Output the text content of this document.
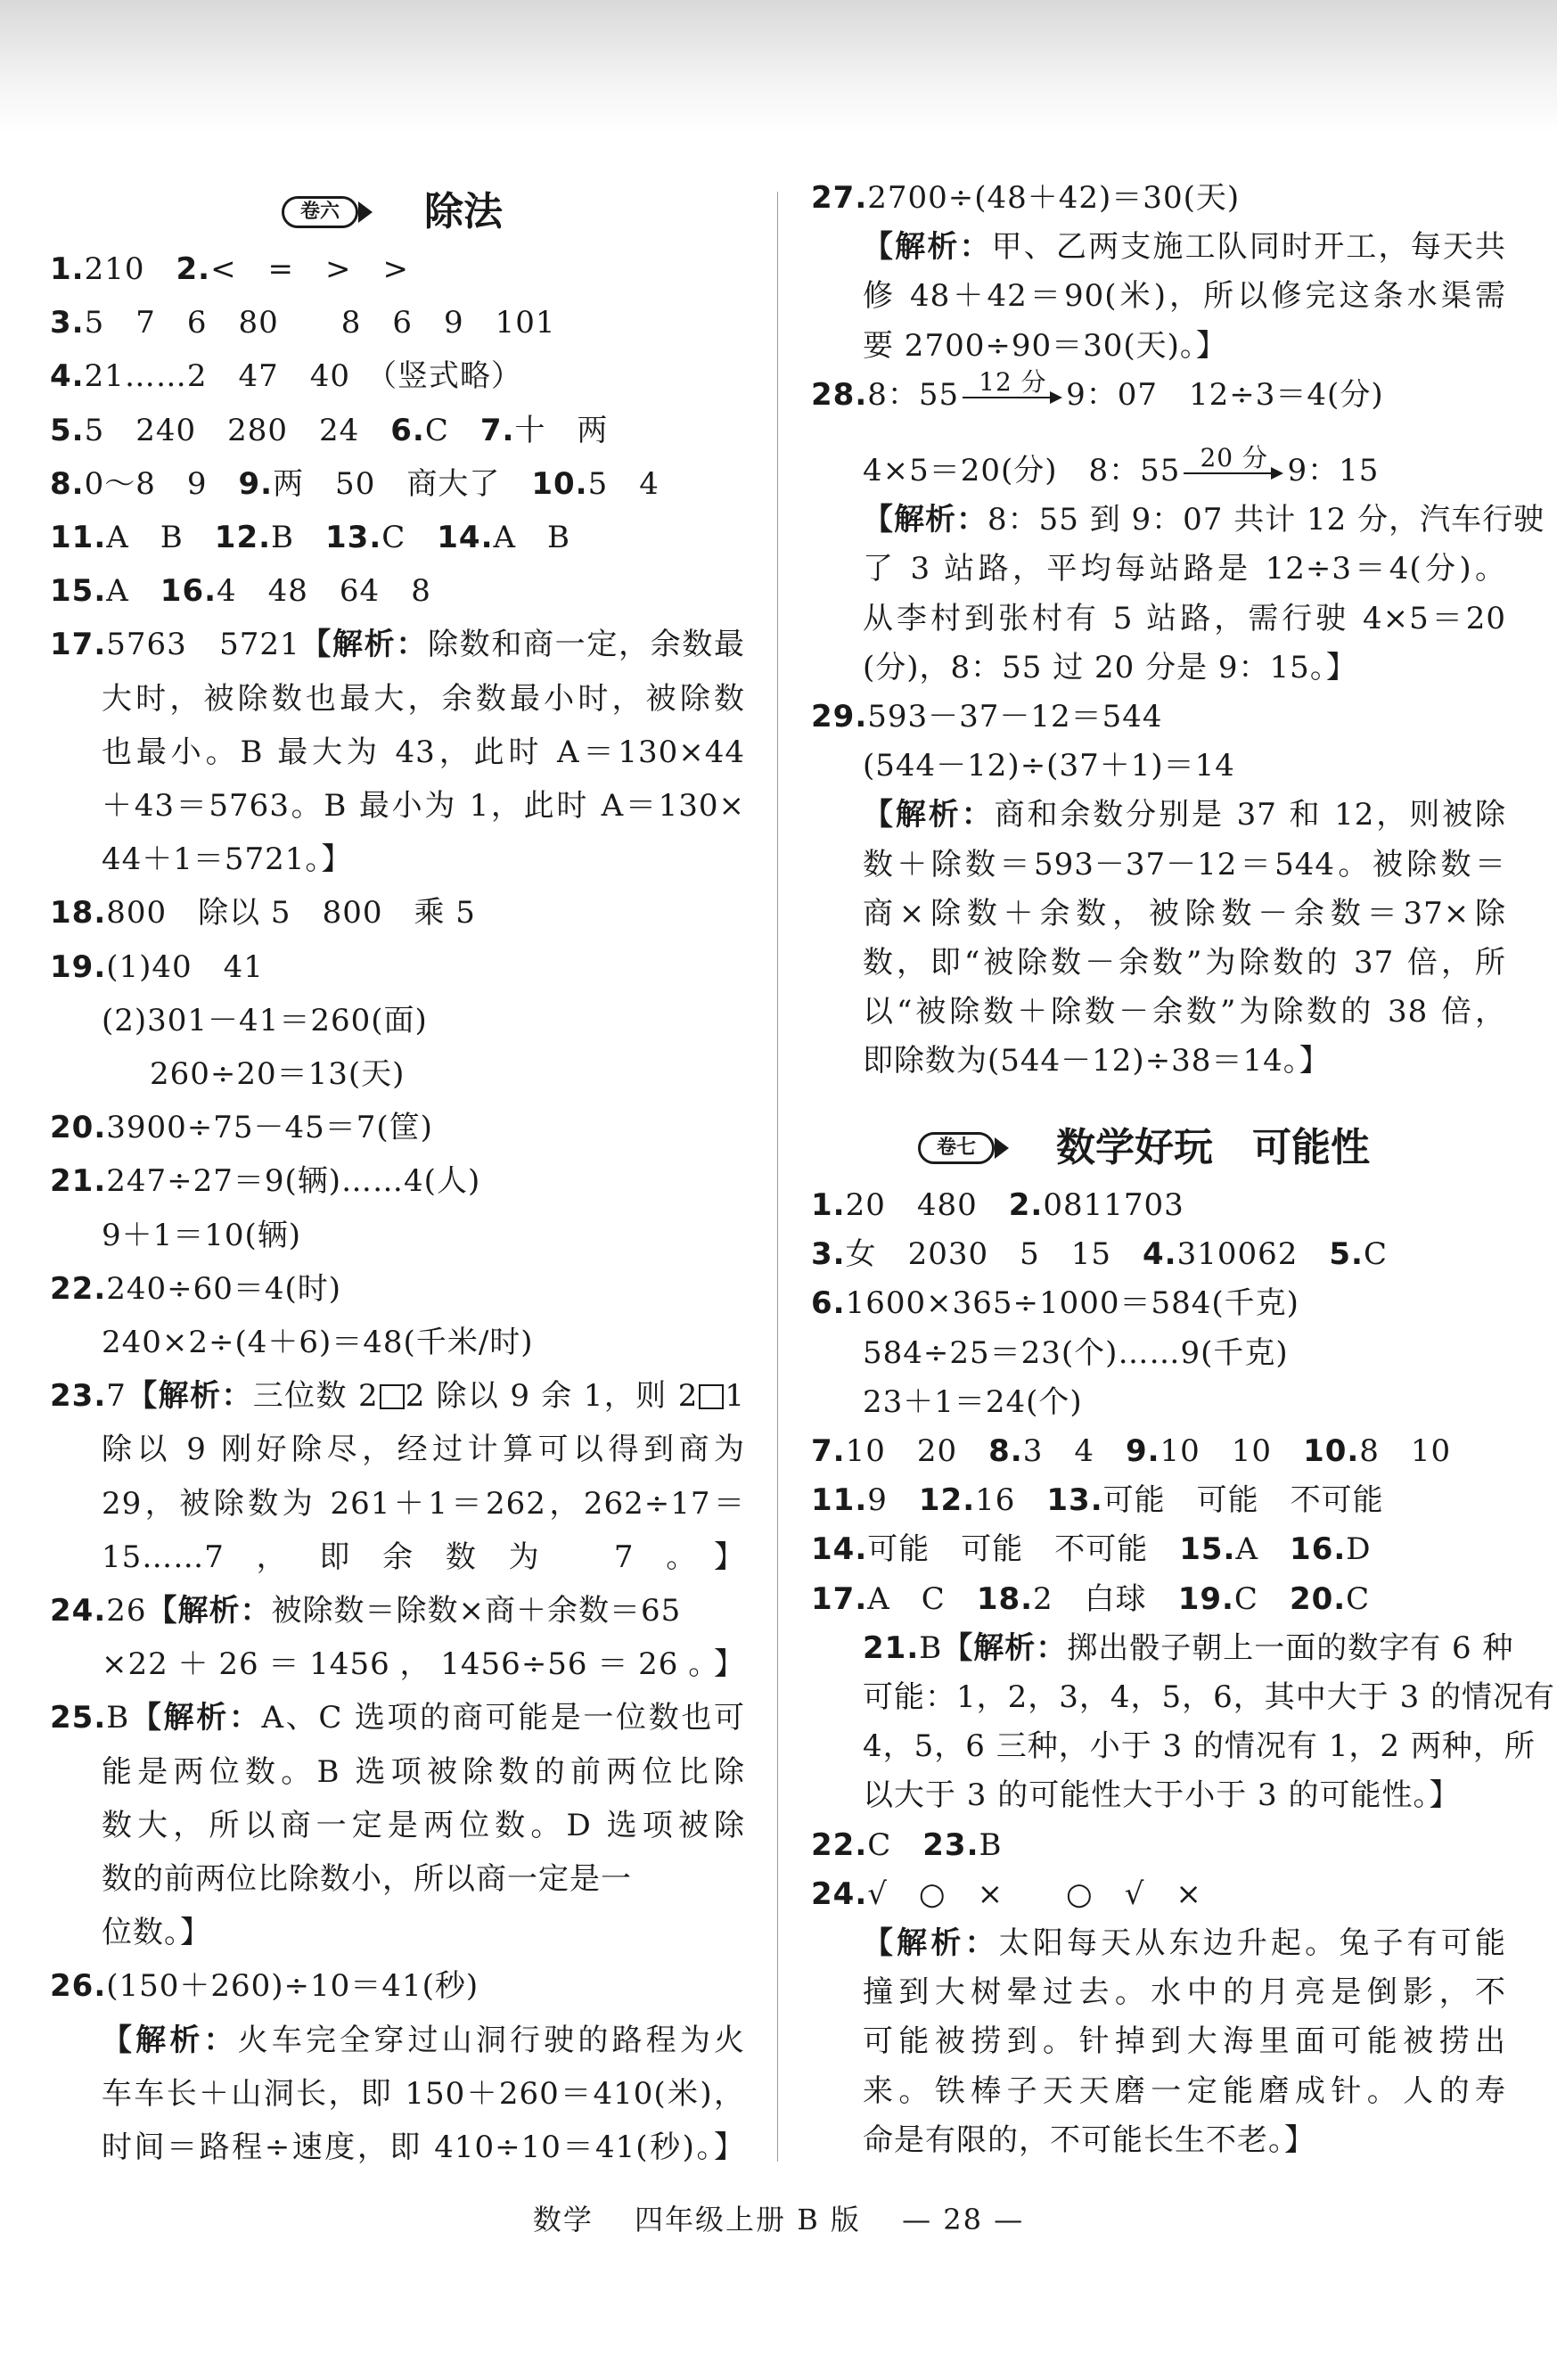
卷六	除法
1.210　2.<　=　>　>
3.5　7　6　80　　8　6　9　101
4.21……2　47　40　（竖式略）
5.5　240　280　24　6.C　7.十　两
8.0～8　9　9.两　50　商大了　10.5　4
11.A　B　12.B　13.C　14.A　B
15.A　16.4　48　64　8
17.5763　5721【解析：除数和商一定，余数最
大时，被除数也最大，余数最小时，被除数
也最小。B 最大为 43，此时 A＝130×44
＋43＝5763。B 最小为 1，此时 A＝130×
44＋1＝5721。】
18.800　除以 5　800　乘 5
19.(1)40　41
(2)301－41＝260(面)
260÷20＝13(天)
20.3900÷75－45＝7(筐)
21.247÷27＝9(辆)……4(人)
9＋1＝10(辆)
22.240÷60＝4(时)
240×2÷(4＋6)＝48(千米/时)
23.7【解析：三位数 2 2 除以 9 余 1，则 2 1
除以 9 刚好除尽，经过计算可以得到商为
29，被除数为 261＋1＝262，262÷17＝
15……7，即余数为 7。】
24.26【解析：被除数＝除数×商＋余数＝65
×22＋26＝1456，1456÷56＝26。】
25.B【解析：A、C 选项的商可能是一位数也可
能是两位数。B 选项被除数的前两位比除
数大，所以商一定是两位数。D 选项被除
数的前两位比除数小，所以商一定是一
位数。】
26.(150＋260)÷10＝41(秒)
【解析：火车完全穿过山洞行驶的路程为火
车车长＋山洞长，即 150＋260＝410(米)，
时间＝路程÷速度，即 410÷10＝41(秒)。】
27.2700÷(48＋42)＝30(天)
【解析：甲、乙两支施工队同时开工，每天共
修 48＋42＝90(米)，所以修完这条水渠需
要 2700÷90＝30(天)。】
28.8：55 12 分 9：07　12÷3＝4(分)
4×5＝20(分)　8：55 20 分 9：15
【解析：8：55 到 9：07 共计 12 分，汽车行驶
了 3 站路，平均每站路是 12÷3＝4(分)。
从李村到张村有 5 站路，需行驶 4×5＝20
(分)，8：55 过 20 分是 9：15。】
29.593－37－12＝544
(544－12)÷(37＋1)＝14
【解析：商和余数分别是 37 和 12，则被除
数＋除数＝593－37－12＝544。被除数＝
商×除数＋余数，被除数－余数＝37×除
数，即“被除数－余数”为除数的 37 倍，所
以“被除数＋除数－余数”为除数的 38 倍，
即除数为(544－12)÷38＝14。】
1.20　480　2.0811703
3.女　2030　5　15　4.310062　5.C
6.1600×365÷1000＝584(千克)
584÷25＝23(个)……9(千克)
23＋1＝24(个)
7.10　20　8.3　4　9.10　10　10.8　10
11.9　12.16　13.可能　可能　不可能
14.可能　可能　不可能　15.A　16.D
17.A　C　18.2　白球　19.C　20.C
21.B【解析：掷出骰子朝上一面的数字有 6 种
可能：1，2，3，4，5，6，其中大于 3 的情况有
4，5，6 三种，小于 3 的情况有 1，2 两种，所
以大于 3 的可能性大于小于 3 的可能性。】
22.C　23.B
24.√　○　×　　○　√　×
【解析：太阳每天从东边升起。兔子有可能
撞到大树晕过去。水中的月亮是倒影，不
可能被捞到。针掉到大海里面可能被捞出
来。铁棒子天天磨一定能磨成针。人的寿
命是有限的，不可能长生不老。】
卷七	数学好玩　可能性
数学　 四年级上册 B 版　 — 28 —
